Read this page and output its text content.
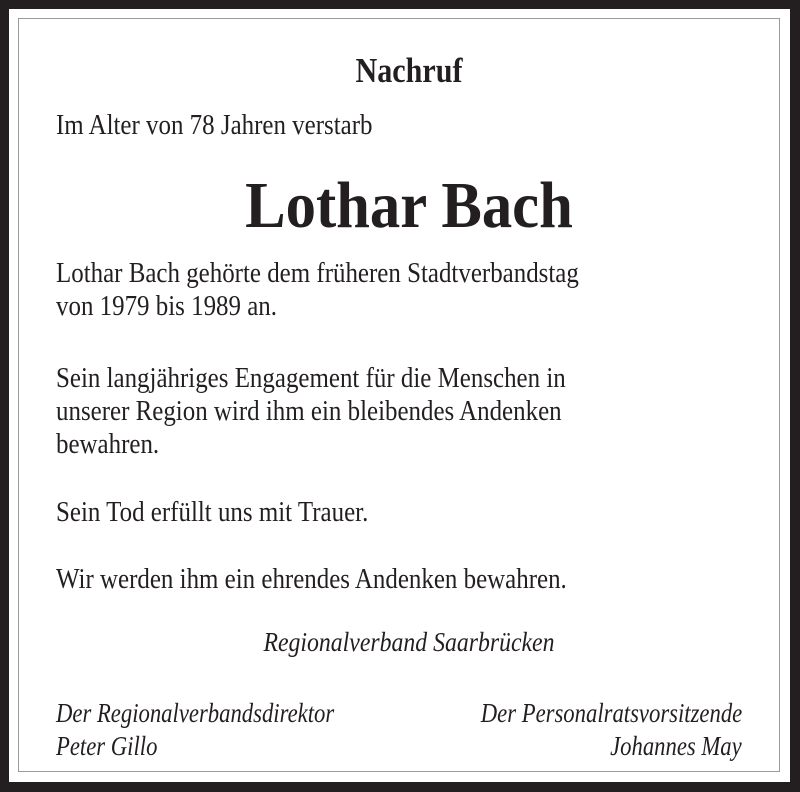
Nachruf
Im Alter von 78 Jahren verstarb
Lothar Bach
Lothar Bach gehörte dem früheren Stadtverbandstag
von 1979 bis 1989 an.
Sein langjähriges Engagement für die Menschen in
unserer Region wird ihm ein bleibendes Andenken
bewahren.
Sein Tod erfüllt uns mit Trauer.
Wir werden ihm ein ehrendes Andenken bewahren.
Regionalverband Saarbrücken
Der Regionalverbandsdirektor
Peter Gillo
Der Personalratsvorsitzende
Johannes May
